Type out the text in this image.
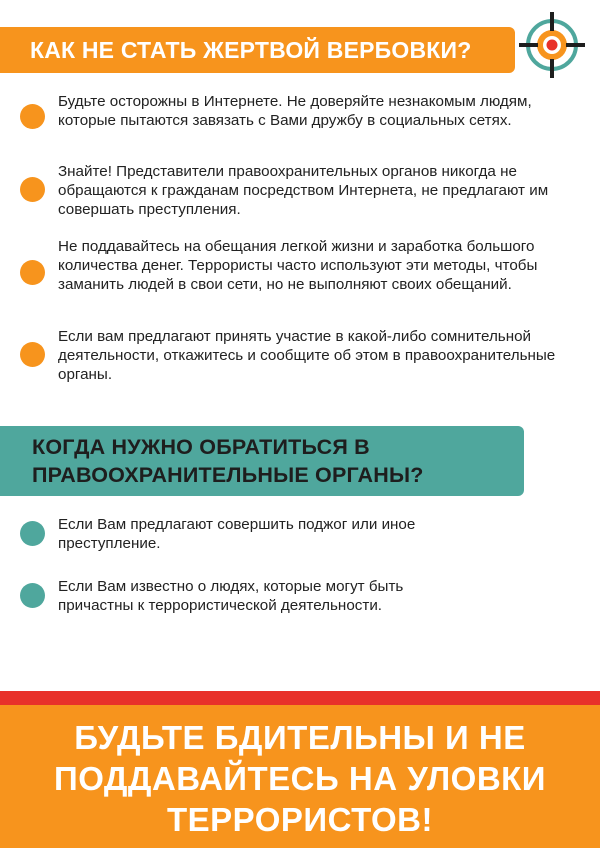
КАК НЕ СТАТЬ ЖЕРТВОЙ ВЕРБОВКИ?
Будьте осторожны в Интернете. Не доверяйте незнакомым людям, которые пытаются завязать с Вами дружбу в социальных сетях.
Знайте! Представители правоохранительных органов никогда не обращаются к гражданам посредством Интернета, не предлагают им совершать преступления.
Не поддавайтесь на обещания легкой жизни и заработка большого количества денег. Террористы часто используют эти методы, чтобы заманить людей в свои сети, но не выполняют своих обещаний.
Если вам предлагают принять участие в какой-либо сомнительной деятельности, откажитесь и сообщите об этом в правоохранительные органы.
КОГДА НУЖНО ОБРАТИТЬСЯ В
ПРАВООХРАНИТЕЛЬНЫЕ ОРГАНЫ?
Если Вам предлагают совершить поджог или иное преступление.
Если Вам известно о людях, которые могут быть причастны к террористической деятельности.
БУДЬТЕ БДИТЕЛЬНЫ И НЕ
ПОДДАВАЙТЕСЬ НА УЛОВКИ
ТЕРРОРИСТОВ!
